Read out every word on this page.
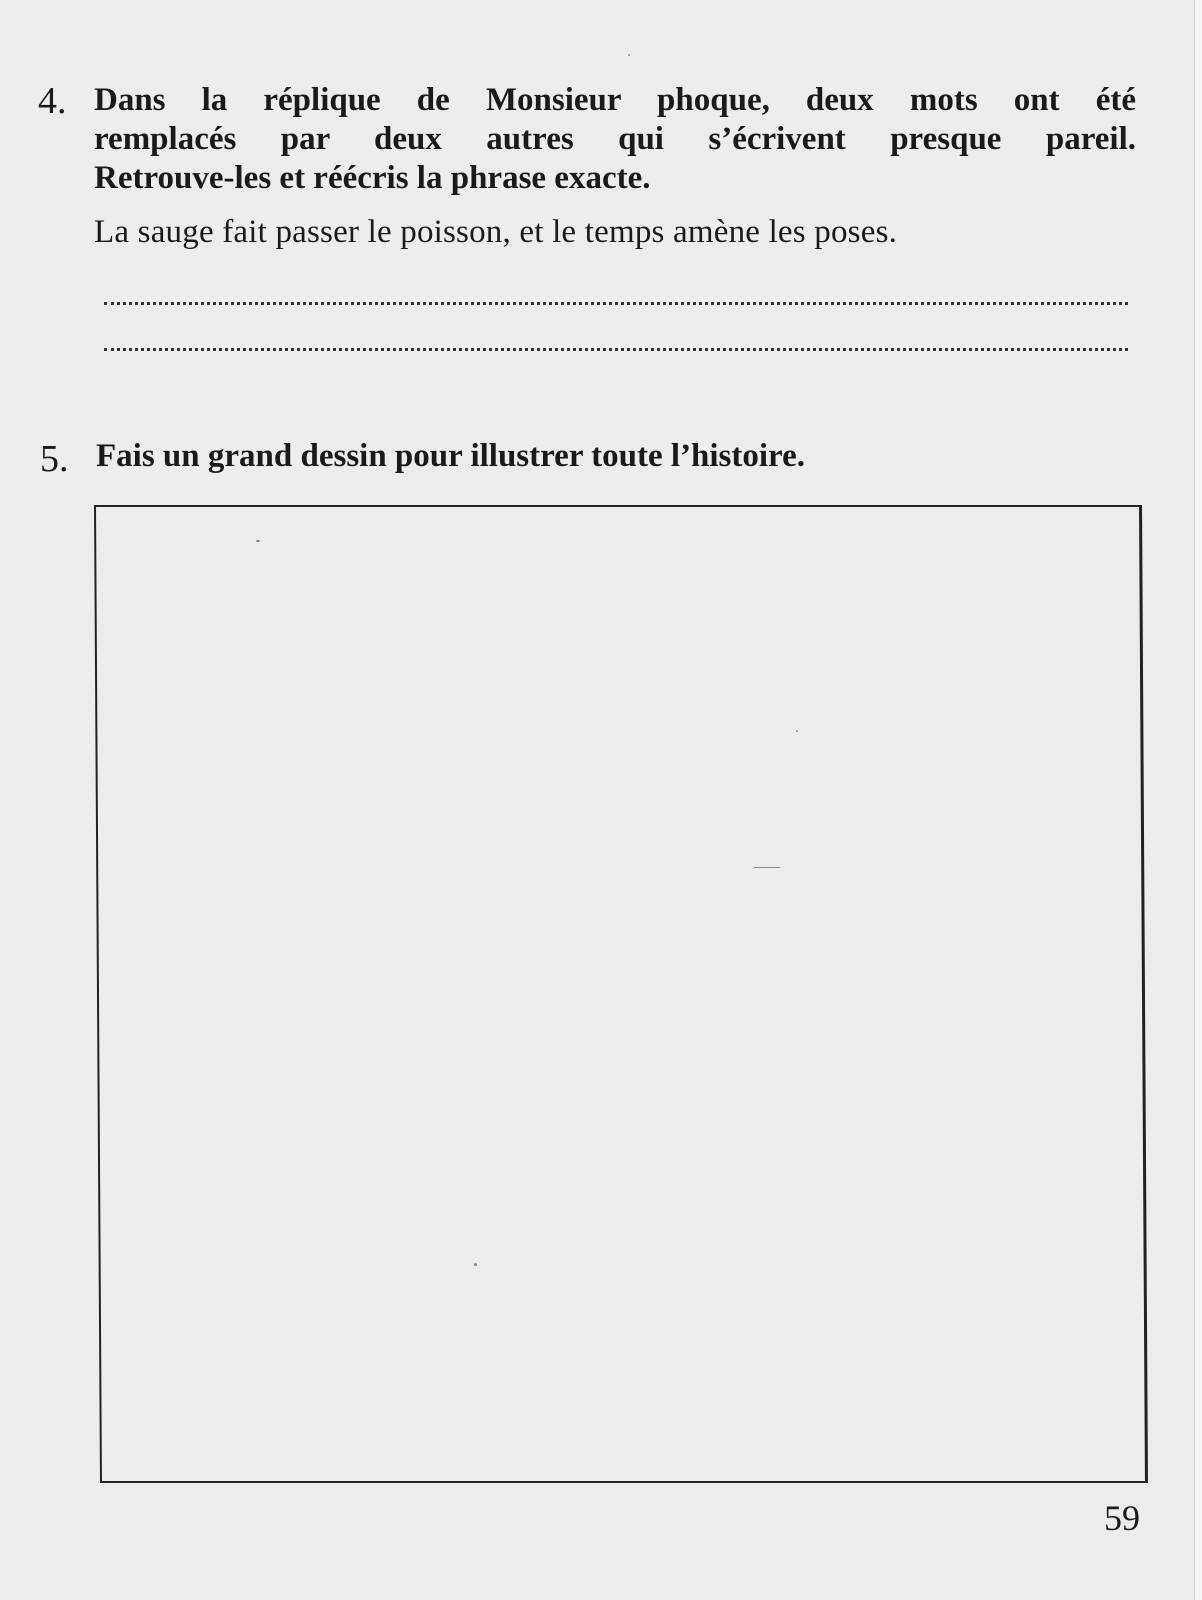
4. Dans la réplique de Monsieur phoque, deux mots ont été
remplacés par deux autres qui s’écrivent presque pareil.
Retrouve-les et réécris la phrase exacte.
La sauge fait passer le poisson, et le temps amène les poses.
5. Fais un grand dessin pour illustrer toute l’histoire.
59
